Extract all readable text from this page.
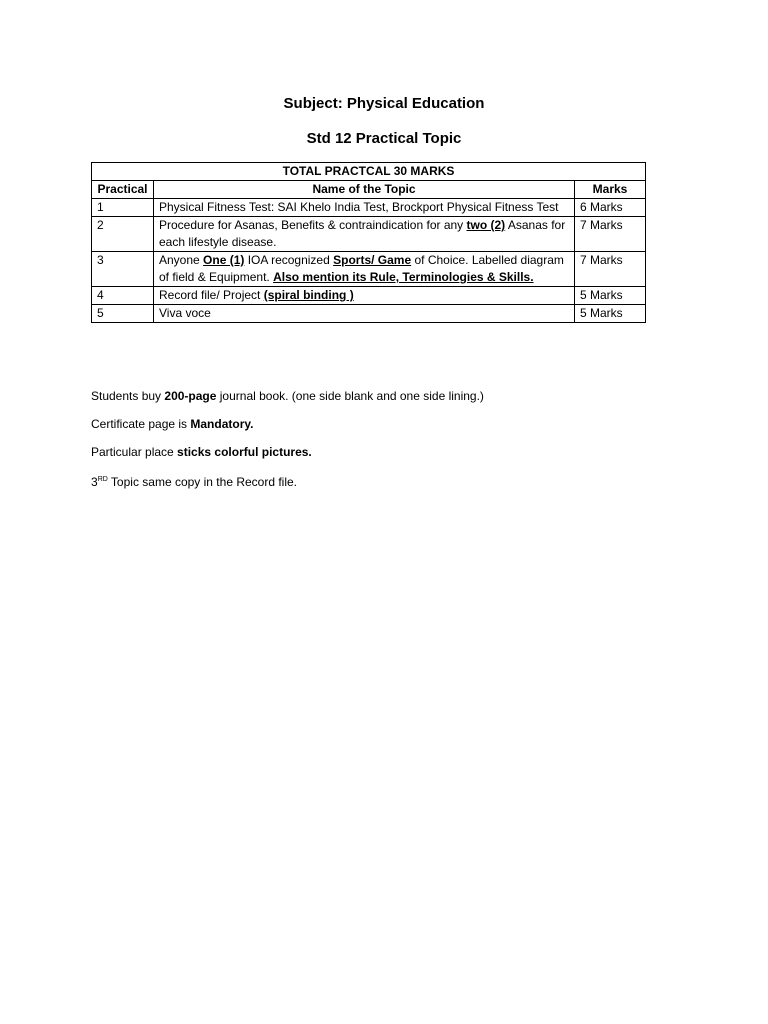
Subject: Physical Education
Std 12 Practical Topic
TOTAL PRACTCAL 30 MARKS		
Practical	Name of the Topic	Marks
1	Physical Fitness Test: SAI Khelo India Test, Brockport Physical Fitness Test	6 Marks
2	Procedure for Asanas, Benefits & contraindication for any two (2) Asanas for each lifestyle disease.	7 Marks
3	Anyone One (1) IOA recognized Sports/ Game of Choice. Labelled diagram of field & Equipment. Also mention its Rule, Terminologies & Skills.	7 Marks
4	Record file/ Project (spiral binding )	5 Marks
5	Viva voce	5 Marks
Students buy 200-page journal book. (one side blank and one side lining.)
Certificate page is Mandatory.
Particular place sticks colorful pictures.
3RD Topic same copy in the Record file.
